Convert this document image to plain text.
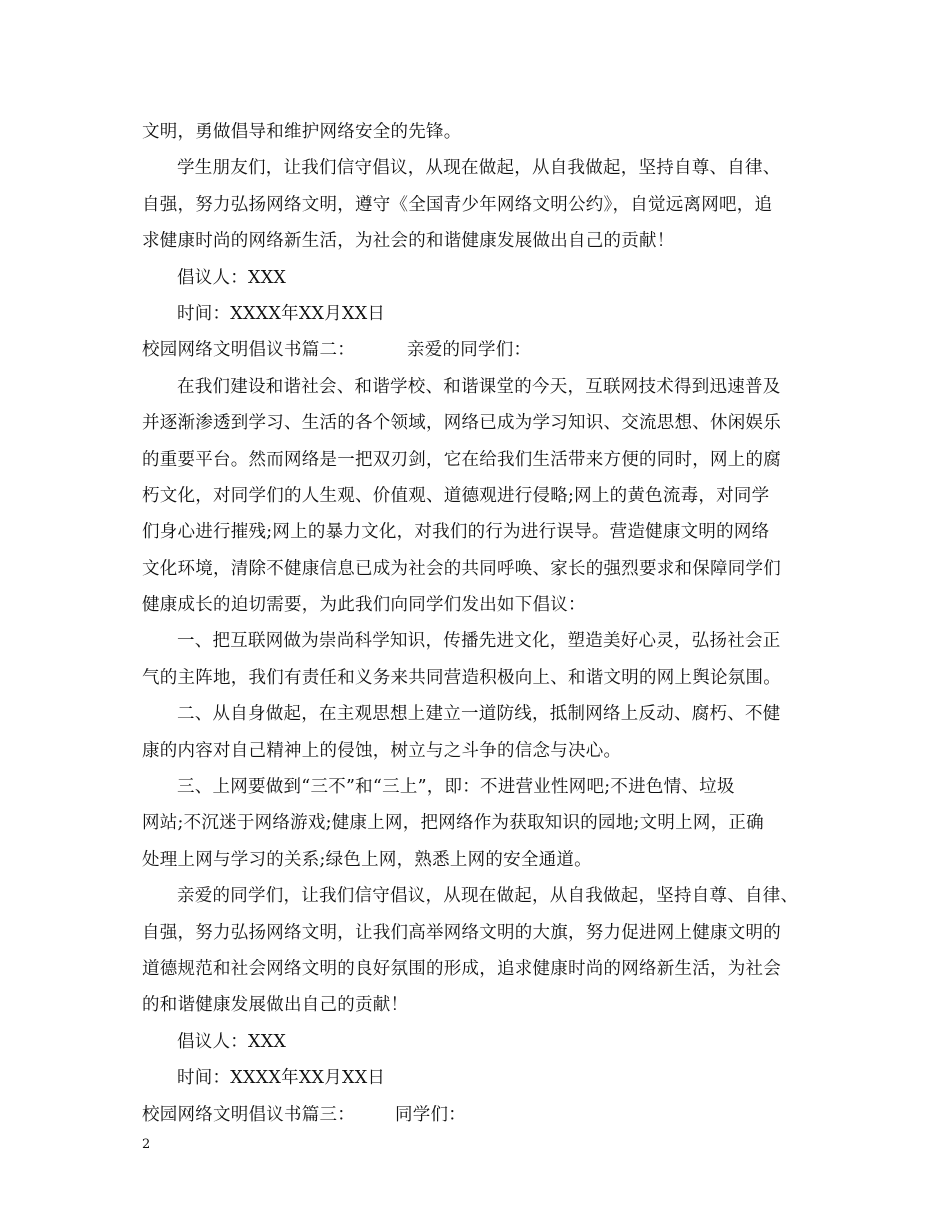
文明，勇做倡导和维护网络安全的先锋。
学生朋友们，让我们信守倡议，从现在做起，从自我做起，坚持自尊、自律、
自强，努力弘扬网络文明，遵守《全国青少年网络文明公约》，自觉远离网吧，追
求健康时尚的网络新生活，为社会的和谐健康发展做出自己的贡献！
倡议人：XXX
时间：XXXX年XX月XX日
校园网络文明倡议书篇二：	亲爱的同学们：
在我们建设和谐社会、和谐学校、和谐课堂的今天，互联网技术得到迅速普及
并逐渐渗透到学习、生活的各个领域，网络已成为学习知识、交流思想、休闲娱乐
的重要平台。然而网络是一把双刃剑，它在给我们生活带来方便的同时，网上的腐
朽文化，对同学们的人生观、价值观、道德观进行侵略;网上的黄色流毒，对同学
们身心进行摧残;网上的暴力文化，对我们的行为进行误导。营造健康文明的网络
文化环境，清除不健康信息已成为社会的共同呼唤、家长的强烈要求和保障同学们
健康成长的迫切需要，为此我们向同学们发出如下倡议：
一、把互联网做为崇尚科学知识，传播先进文化，塑造美好心灵，弘扬社会正
气的主阵地，我们有责任和义务来共同营造积极向上、和谐文明的网上舆论氛围。
二、从自身做起，在主观思想上建立一道防线，抵制网络上反动、腐朽、不健
康的内容对自己精神上的侵蚀，树立与之斗争的信念与决心。
三、上网要做到“三不”和“三上”，即：不进营业性网吧;不进色情、垃圾
网站;不沉迷于网络游戏;健康上网，把网络作为获取知识的园地;文明上网，正确
处理上网与学习的关系;绿色上网，熟悉上网的安全通道。
亲爱的同学们，让我们信守倡议，从现在做起，从自我做起，坚持自尊、自律、
自强，努力弘扬网络文明，让我们高举网络文明的大旗，努力促进网上健康文明的
道德规范和社会网络文明的良好氛围的形成，追求健康时尚的网络新生活，为社会
的和谐健康发展做出自己的贡献！
倡议人：XXX
时间：XXXX年XX月XX日
校园网络文明倡议书篇三： 同学们：
2
